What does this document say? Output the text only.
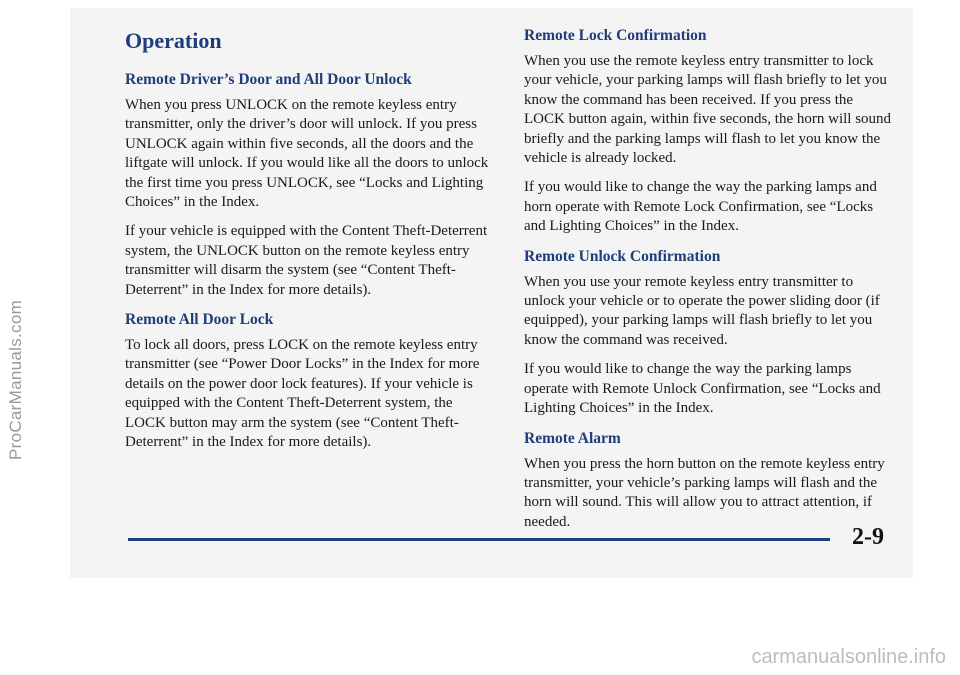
ProCarManuals.com
carmanualsonline.info
Operation
Remote Driver’s Door and All Door Unlock

When you press UNLOCK on the remote keyless entry transmitter, only the driver’s door will unlock. If you press UNLOCK again within five seconds, all the doors and the liftgate will unlock. If you would like all the doors to unlock the first time you press UNLOCK, see “Locks and Lighting Choices” in the Index.

If your vehicle is equipped with the Content Theft-Deterrent system, the UNLOCK button on the remote keyless entry transmitter will disarm the system (see “Content Theft-Deterrent” in the Index for more details).

Remote All Door Lock

To lock all doors, press LOCK on the remote keyless entry transmitter (see “Power Door Locks” in the Index for more details on the power door lock features). If your vehicle is equipped with the Content Theft-Deterrent system, the LOCK button may arm the system (see “Content Theft-Deterrent” in the Index for more details).

Remote Lock Confirmation

When you use the remote keyless entry transmitter to lock your vehicle, your parking lamps will flash briefly to let you know the command has been received. If you press the LOCK button again, within five seconds, the horn will sound briefly and the parking lamps will flash to let you know the vehicle is already locked.

If you would like to change the way the parking lamps and horn operate with Remote Lock Confirmation, see “Locks and Lighting Choices” in the Index.

Remote Unlock Confirmation

When you use your remote keyless entry transmitter to unlock your vehicle or to operate the power sliding door (if equipped), your parking lamps will flash briefly to let you know the command was received.

If you would like to change the way the parking lamps operate with Remote Unlock Confirmation, see “Locks and Lighting Choices” in the Index.

Remote Alarm

When you press the horn button on the remote keyless entry transmitter, your vehicle’s parking lamps will flash and the horn will sound. This will allow you to attract attention, if needed.

2-9
